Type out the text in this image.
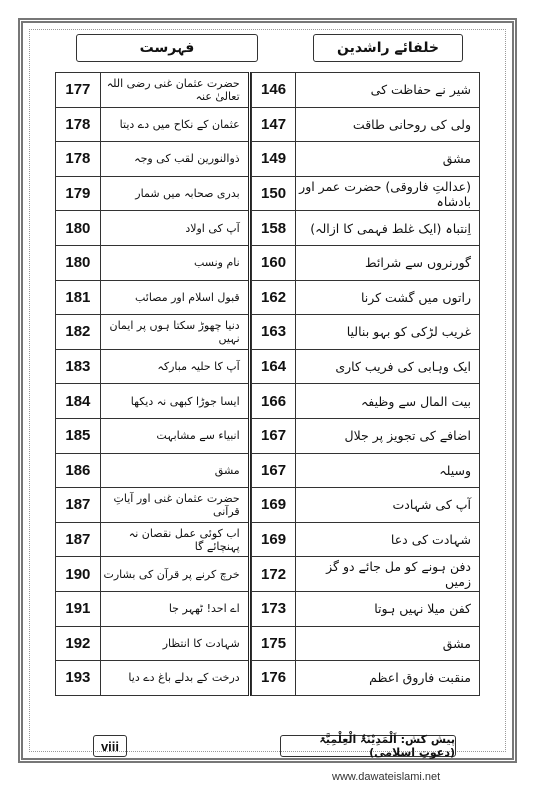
فہرست	خلفائے راشدین
177	حضرت عثمان غنی رضی اللہ تعالیٰ عنہ		146	شیر نے حفاظت کی
178	عثمان کے نکاح میں دے دیتا		147	ولی کی روحانی طاقت
178	ذوالنورین لقب کی وجہ		149	مشق
179	بدری صحابہ میں شمار		150	(عدالتِ فاروقی) حضرت عمر اور بادشاہ
180	آپ کی اولاد		158	اِنتباہ (ایک غلط فہمی کا ازالہ)
180	نام ونسب		160	گورنروں سے شرائط
181	قبول اسلام اور مصائب		162	راتوں میں گشت کرنا
182	دنیا چھوڑ سکتا ہوں پر ایمان نہیں		163	غریب لڑکی کو بہو بنالیا
183	آپ کا حلیہ مبارکہ		164	ایک وہابی کی فریب کاری
184	ایسا جوڑا کبھی نہ دیکھا		166	بیت المال سے وظیفہ
185	انبیاء سے مشابہت		167	اضافے کی تجویز پر جلال
186	مشق		167	وسیلہ
187	حضرت عثمان غنی اور آیاتِ قرآنی		169	آپ کی شہادت
187	اب کوئی عمل نقصان نہ پہنچائے گا		169	شہادت کی دعا
190	خرچ کرنے پر قرآن کی بشارت		172	دفن ہونے کو مل جائے دو گز زمیں
191	اے احد! ٹھہر جا		173	کفن میلا نہیں ہوتا
192	شہادت کا انتظار		175	مشق
193	درخت کے بدلے باغ دے دیا		176	منقبت فاروق اعظم
viii	پیش کش: اَلْمَدِیْنَۃُ الْعِلْمِیَّۃ (دعوتِ اسلامی)
www.dawateislami.net
